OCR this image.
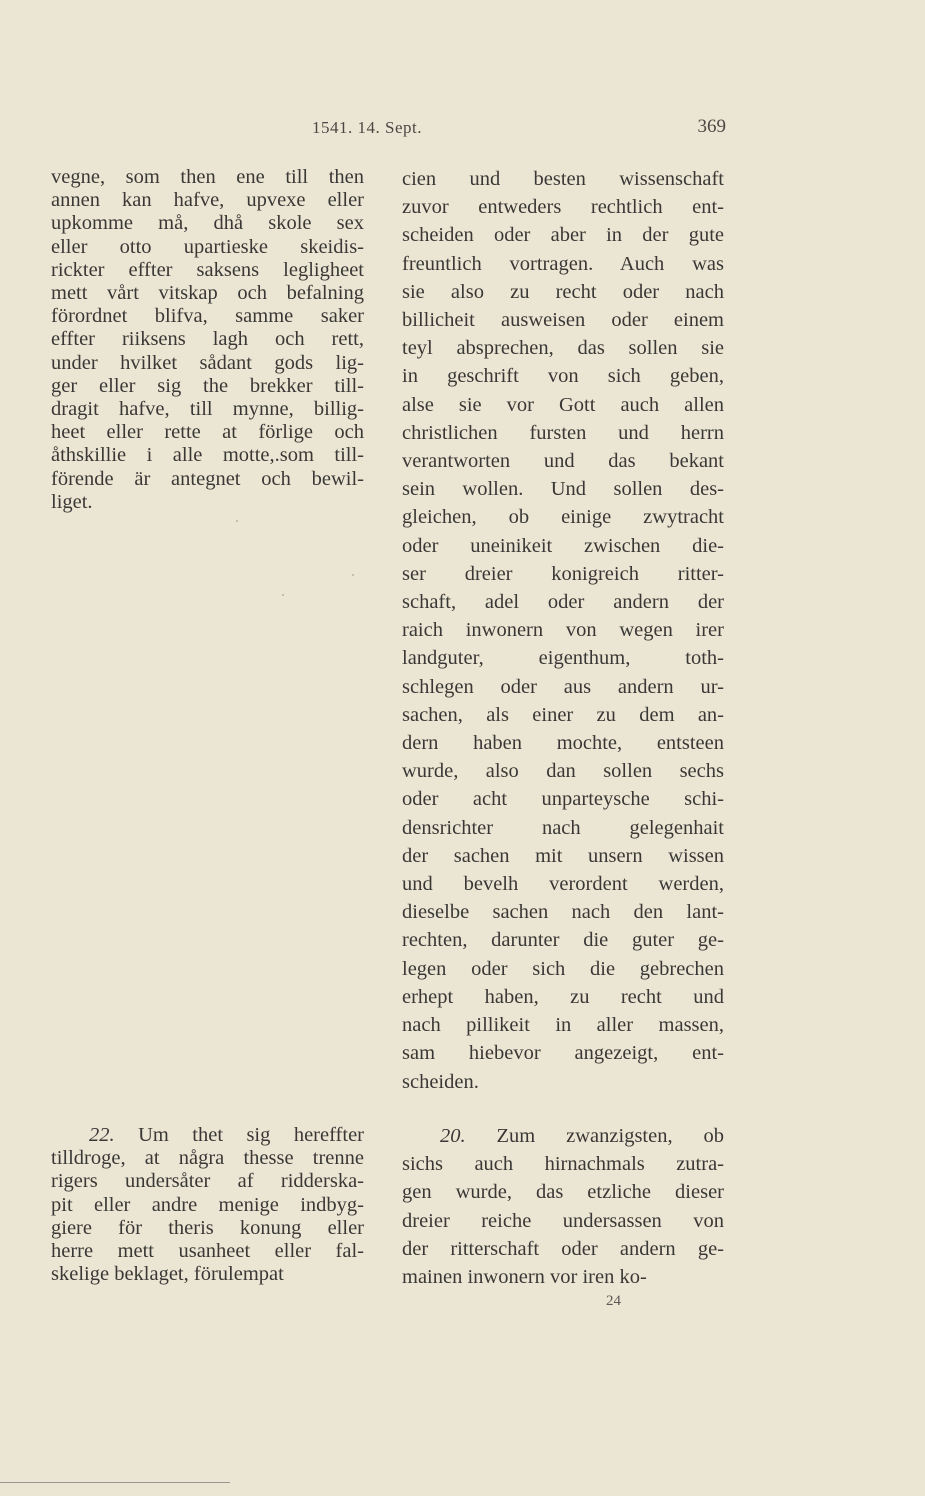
1541. 14. Sept.	369
vegne, som then ene till then
annen kan hafve, upvexe eller
upkomme må, dhå skole sex
eller otto upartieske skeidis-
rickter effter saksens legligheet
mett vårt vitskap och befalning
förordnet blifva, samme saker
effter riiksens lagh och rett,
under hvilket sådant gods lig-
ger eller sig the brekker till-
dragit hafve, till mynne, billig-
heet eller rette at förlige och
åthskillie i alle motte,.som till-
förende är antegnet och bewil-
liget.
22. Um thet sig hereffter
tilldroge, at några thesse trenne
rigers undersåter af ridderska-
pit eller andre menige indbyg-
giere för theris konung eller
herre mett usanheet eller fal-
skelige beklaget, förulempat
cien und besten wissenschaft
zuvor entweders rechtlich ent-
scheiden oder aber in der gute
freuntlich vortragen. Auch was
sie also zu recht oder nach
billicheit ausweisen oder einem
teyl absprechen, das sollen sie
in geschrift von sich geben,
alse sie vor Gott auch allen
christlichen fursten und herrn
verantworten und das bekant
sein wollen. Und sollen des-
gleichen, ob einige zwytracht
oder uneinikeit zwischen die-
ser dreier konigreich ritter-
schaft, adel oder andern der
raich inwonern von wegen irer
landguter, eigenthum, toth-
schlegen oder aus andern ur-
sachen, als einer zu dem an-
dern haben mochte, entsteen
wurde, also dan sollen sechs
oder acht unparteysche schi-
densrichter nach gelegenhait
der sachen mit unsern wissen
und bevelh verordent werden,
dieselbe sachen nach den lant-
rechten, darunter die guter ge-
legen oder sich die gebrechen
erhept haben, zu recht und
nach pillikeit in aller massen,
sam hiebevor angezeigt, ent-
scheiden.
20. Zum zwanzigsten, ob
sichs auch hirnachmals zutra-
gen wurde, das etzliche dieser
dreier reiche undersassen von
der ritterschaft oder andern ge-
mainen inwonern vor iren ko-
24
